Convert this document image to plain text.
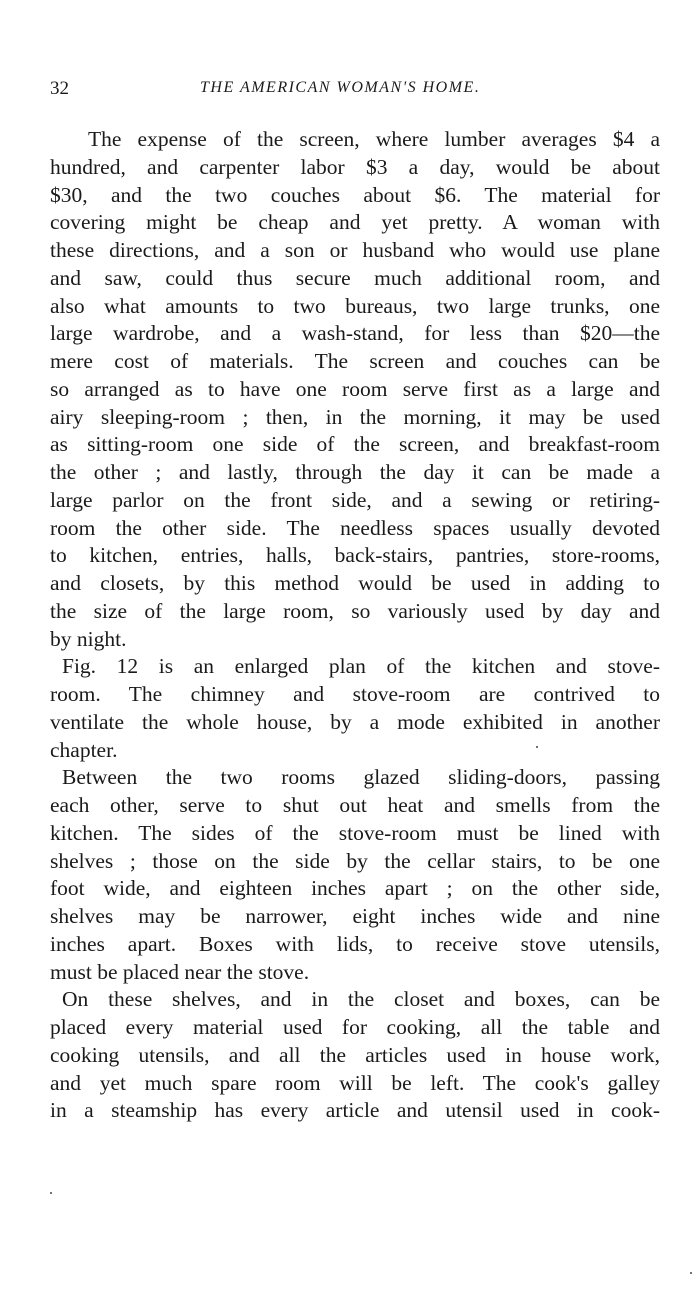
32	THE AMERICAN WOMAN'S HOME.
The expense of the screen, where lumber averages $4 a
hundred, and carpenter labor $3 a day, would be about
$30, and the two couches about $6. The material for
covering might be cheap and yet pretty. A woman with
these directions, and a son or husband who would use plane
and saw, could thus secure much additional room, and
also what amounts to two bureaus, two large trunks, one
large wardrobe, and a wash-stand, for less than $20—the
mere cost of materials. The screen and couches can be
so arranged as to have one room serve first as a large and
airy sleeping-room ; then, in the morning, it may be used
as sitting-room one side of the screen, and breakfast-room
the other ; and lastly, through the day it can be made a
large parlor on the front side, and a sewing or retiring-
room the other side. The needless spaces usually devoted
to kitchen, entries, halls, back-stairs, pantries, store-rooms,
and closets, by this method would be used in adding to
the size of the large room, so variously used by day and
by night.
Fig. 12 is an enlarged plan of the kitchen and stove-
room. The chimney and stove-room are contrived to
ventilate the whole house, by a mode exhibited in another
chapter.
Between the two rooms glazed sliding-doors, passing
each other, serve to shut out heat and smells from the
kitchen. The sides of the stove-room must be lined with
shelves ; those on the side by the cellar stairs, to be one
foot wide, and eighteen inches apart ; on the other side,
shelves may be narrower, eight inches wide and nine
inches apart. Boxes with lids, to receive stove utensils,
must be placed near the stove.
On these shelves, and in the closet and boxes, can be
placed every material used for cooking, all the table and
cooking utensils, and all the articles used in house work,
and yet much spare room will be left. The cook's galley
in a steamship has every article and utensil used in cook-
